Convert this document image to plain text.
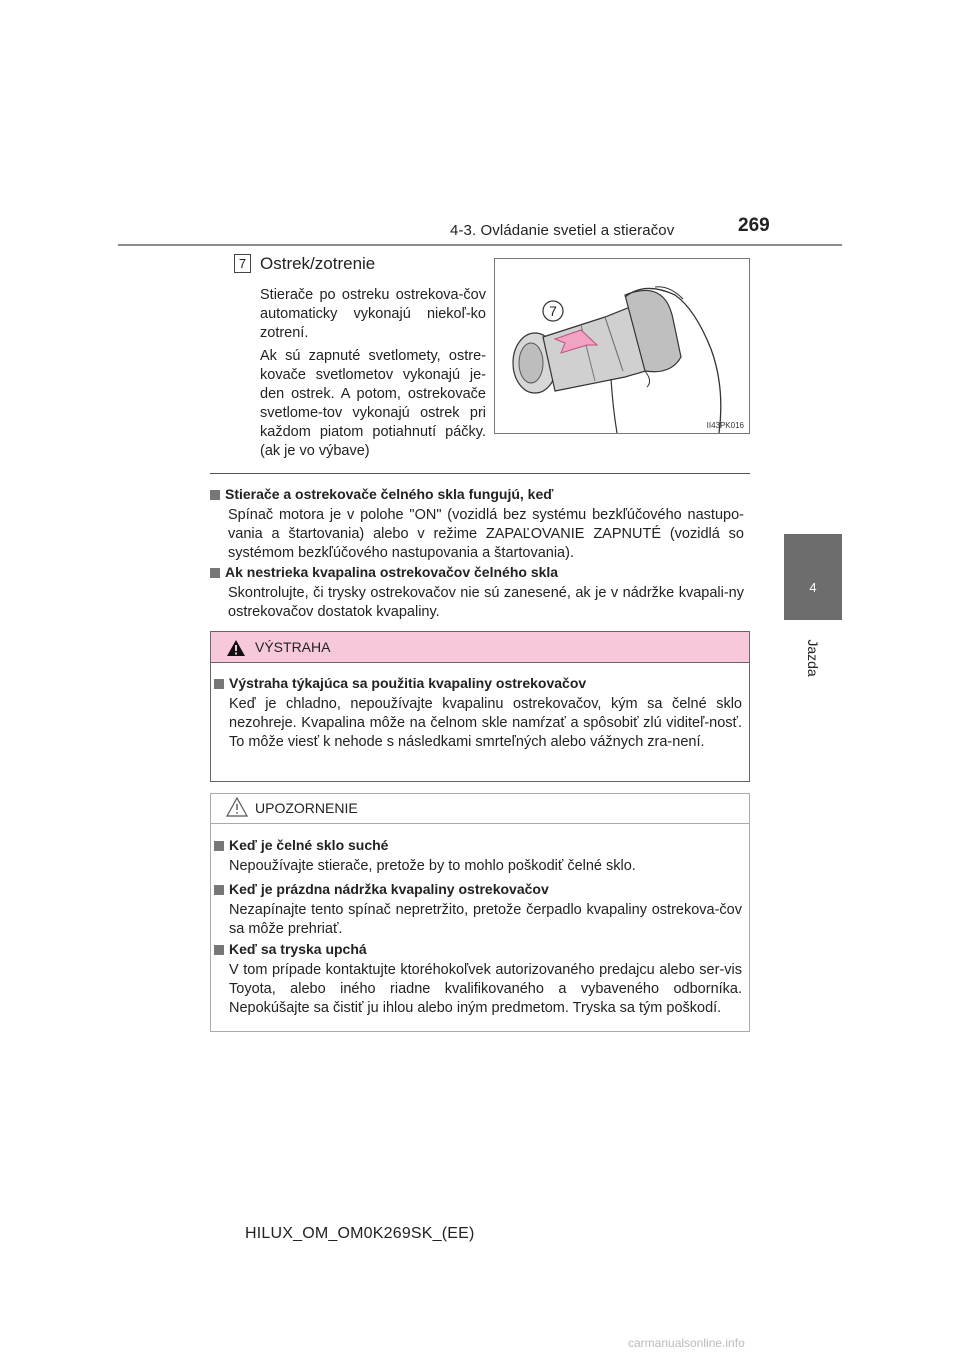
4-3. Ovládanie svetiel a stieračov	269
4
Jazda
7 Ostrek/zotrenie
Stierače po ostreku ostrekova-čov automaticky vykonajú niekoľ-ko zotrení.
Ak sú zapnuté svetlomety, ostre-kovače svetlometov vykonajú je-den ostrek. A potom, ostrekovače svetlome-tov vykonajú ostrek pri každom piatom potiahnutí páčky. (ak je vo výbave)
7
II43PK016
Stierače a ostrekovače čelného skla fungujú, keď
Spínač motora je v polohe "ON" (vozidlá bez systému bezkľúčového nastupo-vania a štartovania) alebo v režime ZAPAĽOVANIE ZAPNUTÉ (vozidlá so systémom bezkľúčového nastupovania a štartovania).
Ak nestrieka kvapalina ostrekovačov čelného skla
Skontrolujte, či trysky ostrekovačov nie sú zanesené, ak je v nádržke kvapali-ny ostrekovačov dostatok kvapaliny.
VÝSTRAHA
Výstraha týkajúca sa použitia kvapaliny ostrekovačov
Keď je chladno, nepoužívajte kvapalinu ostrekovačov, kým sa čelné sklo nezohreje. Kvapalina môže na čelnom skle namŕzať a spôsobiť zlú viditeľ-nosť. To môže viesť k nehode s následkami smrteľných alebo vážnych zra-není.
UPOZORNENIE
Keď je čelné sklo suché
Nepoužívajte stierače, pretože by to mohlo poškodiť čelné sklo.
Keď je prázdna nádržka kvapaliny ostrekovačov
Nezapínajte tento spínač nepretržito, pretože čerpadlo kvapaliny ostrekova-čov sa môže prehriať.
Keď sa tryska upchá
V tom prípade kontaktujte ktoréhokoľvek autorizovaného predajcu alebo ser-vis Toyota, alebo iného riadne kvalifikovaného a vybaveného odborníka. Nepokúšajte sa čistiť ju ihlou alebo iným predmetom. Tryska sa tým poškodí.
HILUX_OM_OM0K269SK_(EE)
carmanualsonline.info
